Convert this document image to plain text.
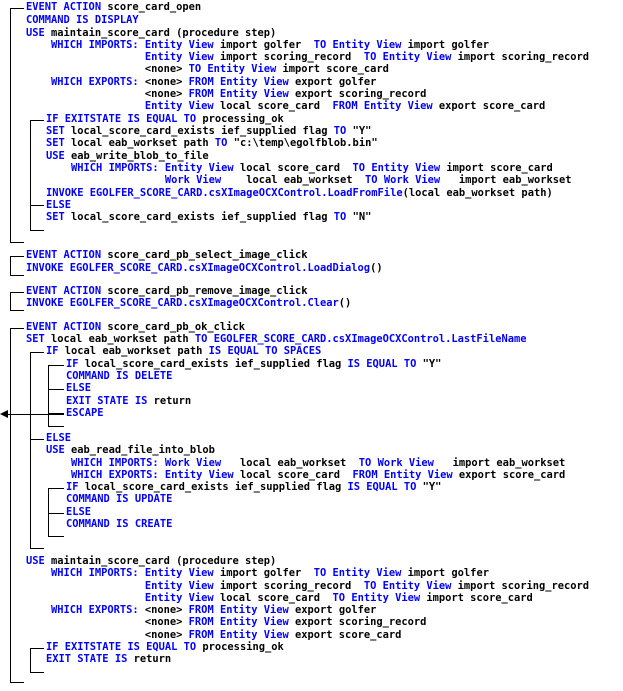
EVENT ACTION score_card_open
COMMAND IS DISPLAY
USE maintain_score_card (procedure step)
WHICH IMPORTS: Entity View import golfer  TO Entity View import golfer
Entity View import scoring_record  TO Entity View import scoring_record
<none> TO Entity View import score_card
WHICH EXPORTS: <none> FROM Entity View export golfer
<none> FROM Entity View export scoring_record
Entity View local score_card  FROM Entity View export score_card
IF EXITSTATE IS EQUAL TO processing_ok
SET local_score_card_exists ief_supplied flag TO "Y"
SET local eab_workset path TO "c:\temp\egolfblob.bin"
USE eab_write_blob_to_file
WHICH IMPORTS: Entity View local score_card  TO Entity View import score_card
Work View    local eab_workset  TO Work View   import eab_workset
INVOKE EGOLFER_SCORE_CARD.csXImageOCXControl.LoadFromFile(local eab_workset path)
ELSE
SET local_score_card_exists ief_supplied flag TO "N"
EVENT ACTION score_card_pb_select_image_click
INVOKE EGOLFER_SCORE_CARD.csXImageOCXControl.LoadDialog()
EVENT ACTION score_card_pb_remove_image_click
INVOKE EGOLFER_SCORE_CARD.csXImageOCXControl.Clear()
EVENT ACTION score_card_pb_ok_click
SET local eab_workset path TO EGOLFER_SCORE_CARD.csXImageOCXControl.LastFileName
IF local eab_workset path IS EQUAL TO SPACES
IF local_score_card_exists ief_supplied flag IS EQUAL TO "Y"
COMMAND IS DELETE
ELSE
EXIT STATE IS return
ESCAPE
ELSE
USE eab_read_file_into_blob
WHICH IMPORTS: Work View   local eab_workset  TO Work View   import eab_workset
WHICH EXPORTS: Entity View local score_card  FROM Entity View export score_card
IF local_score_card_exists ief_supplied flag IS EQUAL TO "Y"
COMMAND IS UPDATE
ELSE
COMMAND IS CREATE
USE maintain_score_card (procedure step)
WHICH IMPORTS: Entity View import golfer  TO Entity View import golfer
Entity View import scoring_record  TO Entity View import scoring_record
Entity View local score_card  TO Entity View import score_card
WHICH EXPORTS: <none> FROM Entity View export golfer
<none> FROM Entity View export scoring_record
<none> FROM Entity View export score_card
IF EXITSTATE IS EQUAL TO processing_ok
EXIT STATE IS return
